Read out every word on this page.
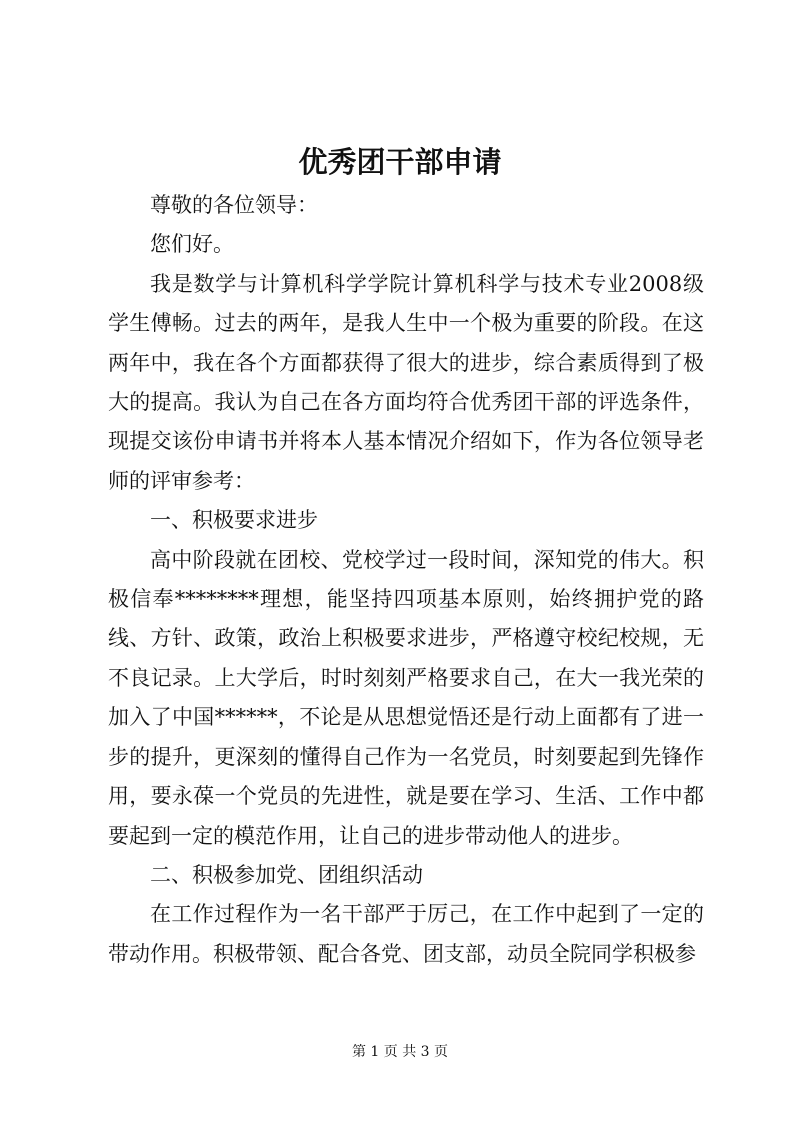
优秀团干部申请

尊敬的各位领导：

您们好。

我是数学与计算机科学学院计算机科学与技术专业2008级学生傅畅。过去的两年，是我人生中一个极为重要的阶段。在这两年中，我在各个方面都获得了很大的进步，综合素质得到了极大的提高。我认为自己在各方面均符合优秀团干部的评选条件，现提交该份申请书并将本人基本情况介绍如下，作为各位领导老师的评审参考：

一、积极要求进步

高中阶段就在团校、党校学过一段时间，深知党的伟大。积极信奉********理想，能坚持四项基本原则，始终拥护党的路线、方针、政策，政治上积极要求进步，严格遵守校纪校规，无不良记录。上大学后，时时刻刻严格要求自己，在大一我光荣的加入了中国******，不论是从思想觉悟还是行动上面都有了进一步的提升，更深刻的懂得自己作为一名党员，时刻要起到先锋作用，要永葆一个党员的先进性，就是要在学习、生活、工作中都要起到一定的模范作用，让自己的进步带动他人的进步。

二、积极参加党、团组织活动

在工作过程作为一名干部严于厉己，在工作中起到了一定的带动作用。积极带领、配合各党、团支部，动员全院同学积极参

第 1 页 共 3 页
